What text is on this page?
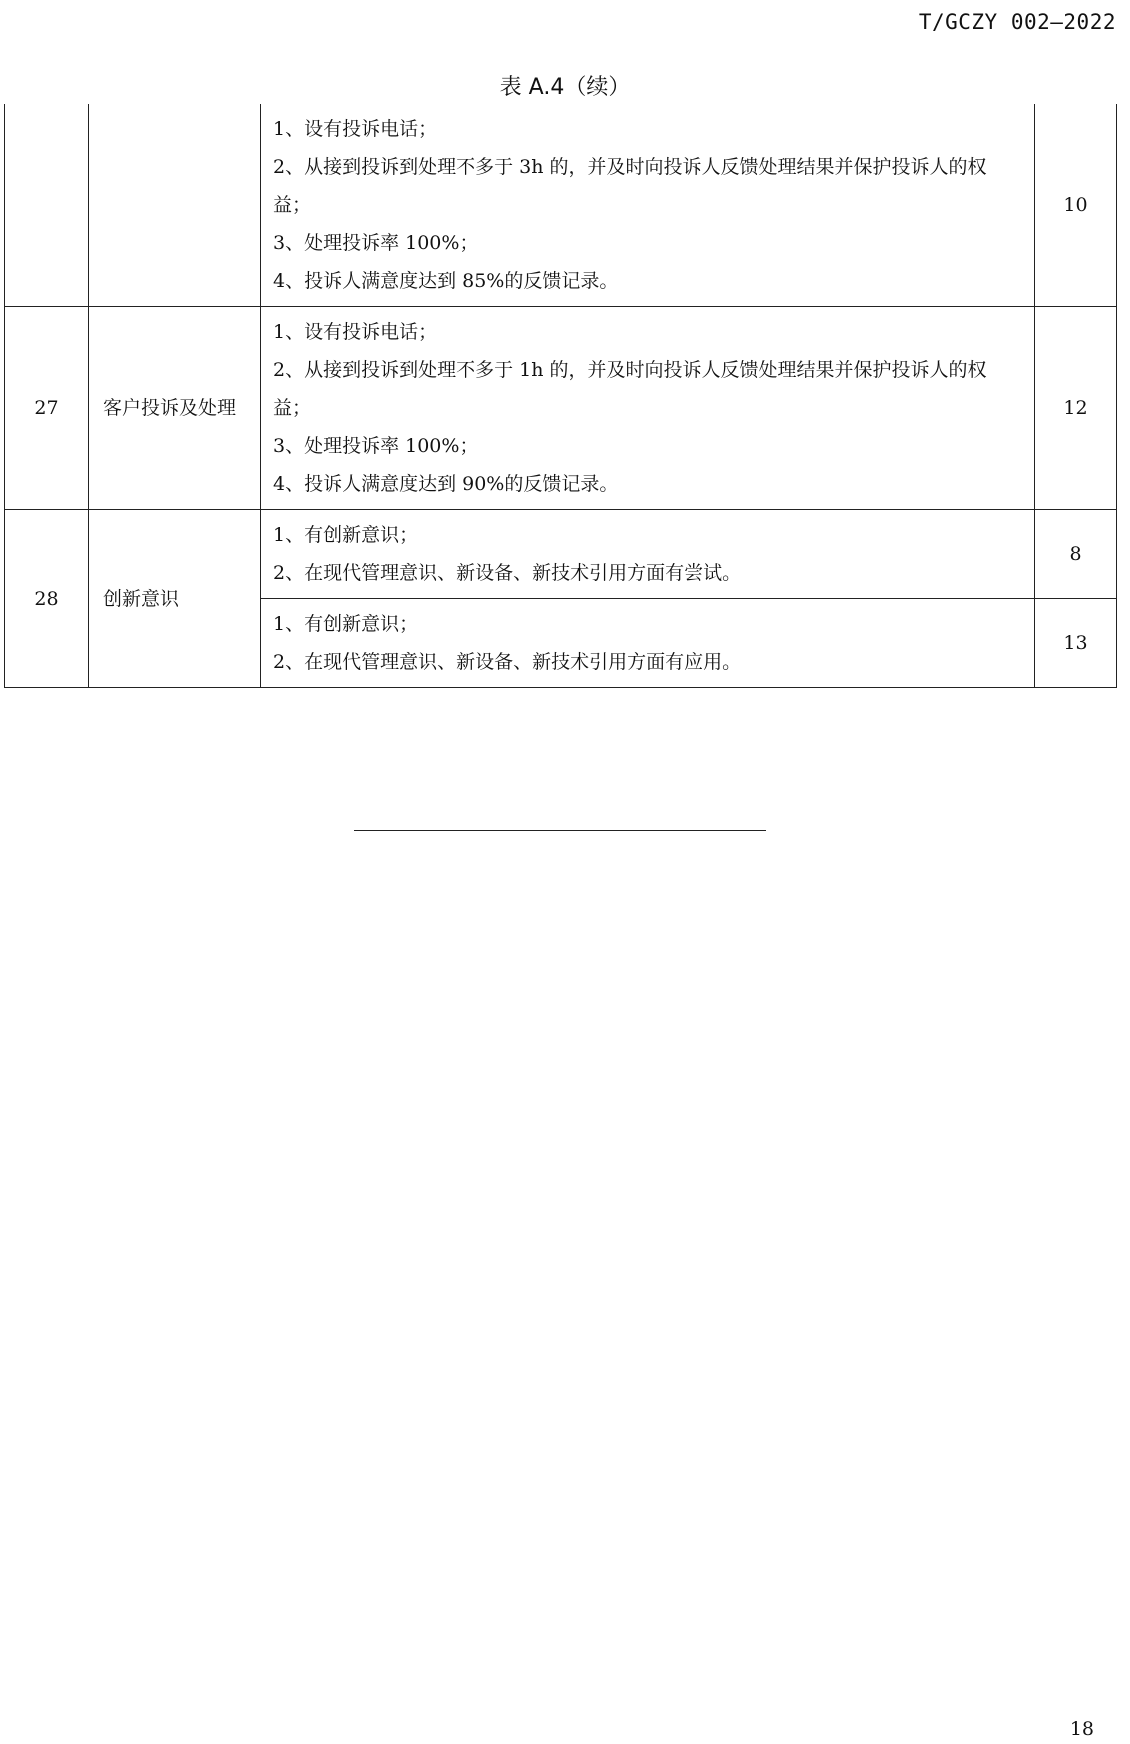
T/GCZY 002—2022
表 A.4（续）

		1、设有投诉电话；
2、从接到投诉到处理不多于 3h 的，并及时向投诉人反馈处理结果并保护投诉人的权益；
3、处理投诉率 100%；
4、投诉人满意度达到 85%的反馈记录。	10
27	客户投诉及处理	1、设有投诉电话；
2、从接到投诉到处理不多于 1h 的，并及时向投诉人反馈处理结果并保护投诉人的权益；
3、处理投诉率 100%；
4、投诉人满意度达到 90%的反馈记录。	12
28	创新意识	1、有创新意识；
2、在现代管理意识、新设备、新技术引用方面有尝试。	8

		1、有创新意识；
2、在现代管理意识、新设备、新技术引用方面有应用。	13
18
